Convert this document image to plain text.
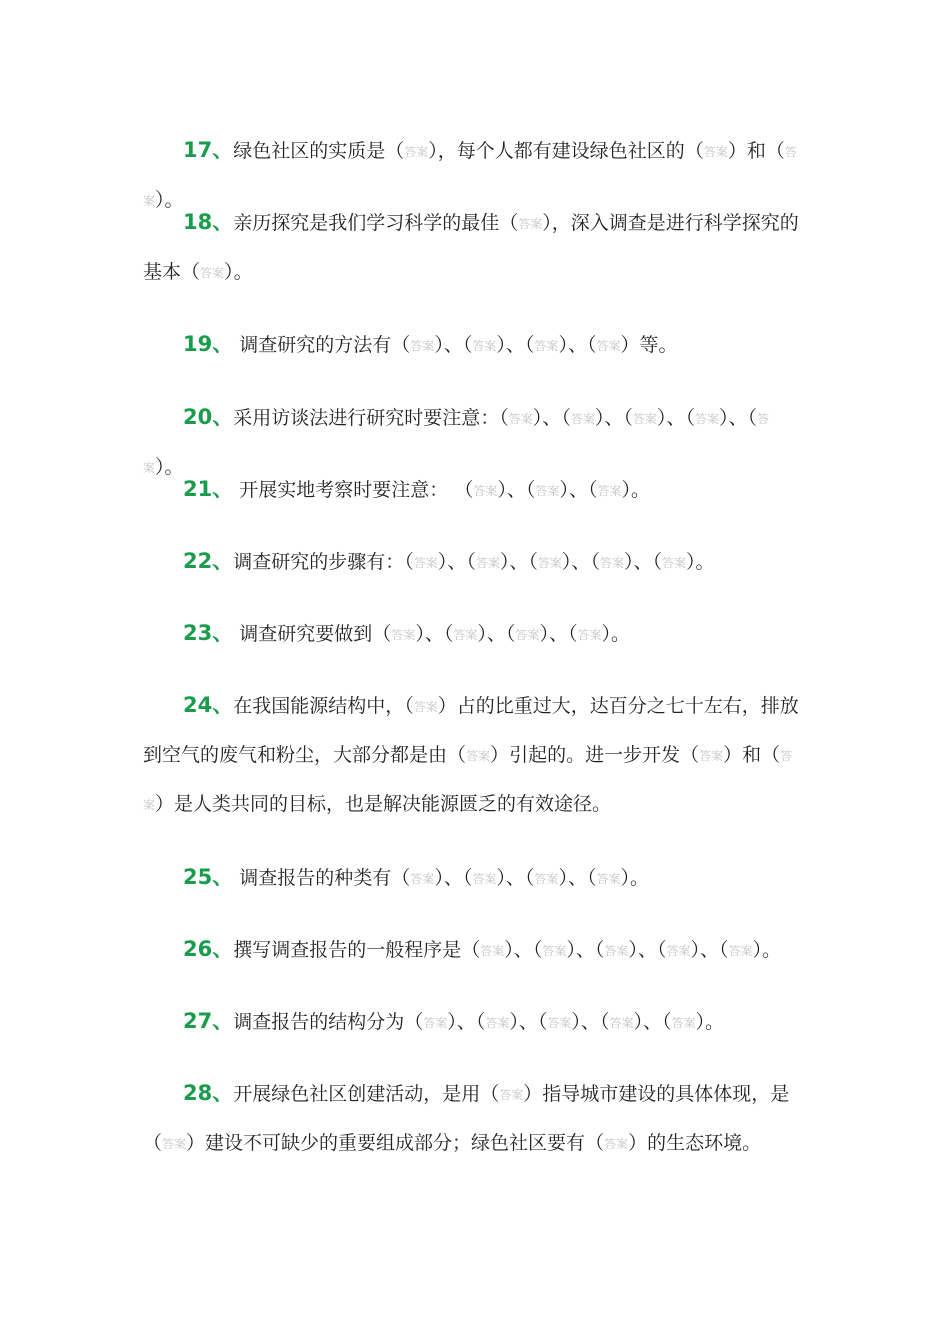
17、绿色社区的实质是（答案），每个人都有建设绿色社区的（答案）和（答案）。

18、亲历探究是我们学习科学的最佳（答案），深入调查是进行科学探究的基本（答案）。

19、 调查研究的方法有（答案）、（答案）、（答案）、（答案）等。

20、采用访谈法进行研究时要注意：（答案）、（答案）、（答案）、（答案）、（答案）。

21、 开展实地考察时要注意： （答案）、（答案）、（答案）。

22、调查研究的步骤有：（答案）、（答案）、（答案）、（答案）、（答案）。

23、 调查研究要做到（答案）、（答案）、（答案）、（答案）。

24、在我国能源结构中，（答案）占的比重过大，达百分之七十左右，排放到空气的废气和粉尘，大部分都是由（答案）引起的。进一步开发（答案）和（答案）是人类共同的目标，也是解决能源匮乏的有效途径。

25、 调查报告的种类有（答案）、（答案）、（答案）、（答案）。

26、撰写调查报告的一般程序是（答案）、（答案）、（答案）、（答案）、（答案）。

27、调查报告的结构分为（答案）、（答案）、（答案）、（答案）、（答案）。

28、开展绿色社区创建活动，是用（答案）指导城市建设的具体体现，是（答案）建设不可缺少的重要组成部分；绿色社区要有（答案）的生态环境。
